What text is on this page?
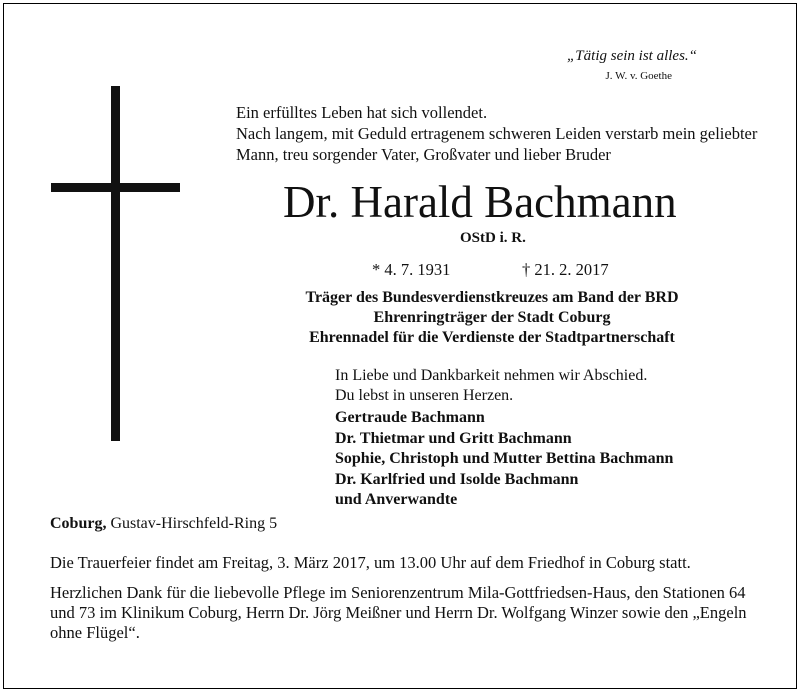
„Tätig sein ist alles.“
J. W. v. Goethe
Ein erfülltes Leben hat sich vollendet.
Nach langem, mit Geduld ertragenem schweren Leiden verstarb mein geliebter
Mann, treu sorgender Vater, Großvater und lieber Bruder
Dr. Harald Bachmann
OStD i. R.
* 4. 7. 1931	† 21. 2. 2017
Träger des Bundesverdienstkreuzes am Band der BRD
Ehrenringträger der Stadt Coburg
Ehrennadel für die Verdienste der Stadtpartnerschaft
In Liebe und Dankbarkeit nehmen wir Abschied.
Du lebst in unseren Herzen.
Gertraude Bachmann
Dr. Thietmar und Gritt Bachmann
Sophie, Christoph und Mutter Bettina Bachmann
Dr. Karlfried und Isolde Bachmann
und Anverwandte
Coburg, Gustav-Hirschfeld-Ring 5
Die Trauerfeier findet am Freitag, 3. März 2017, um 13.00 Uhr auf dem Friedhof in Coburg statt.
Herzlichen Dank für die liebevolle Pflege im Seniorenzentrum Mila-Gottfriedsen-Haus, den Stationen 64
und 73 im Klinikum Coburg, Herrn Dr. Jörg Meißner und Herrn Dr. Wolfgang Winzer sowie den „Engeln
ohne Flügel“.
